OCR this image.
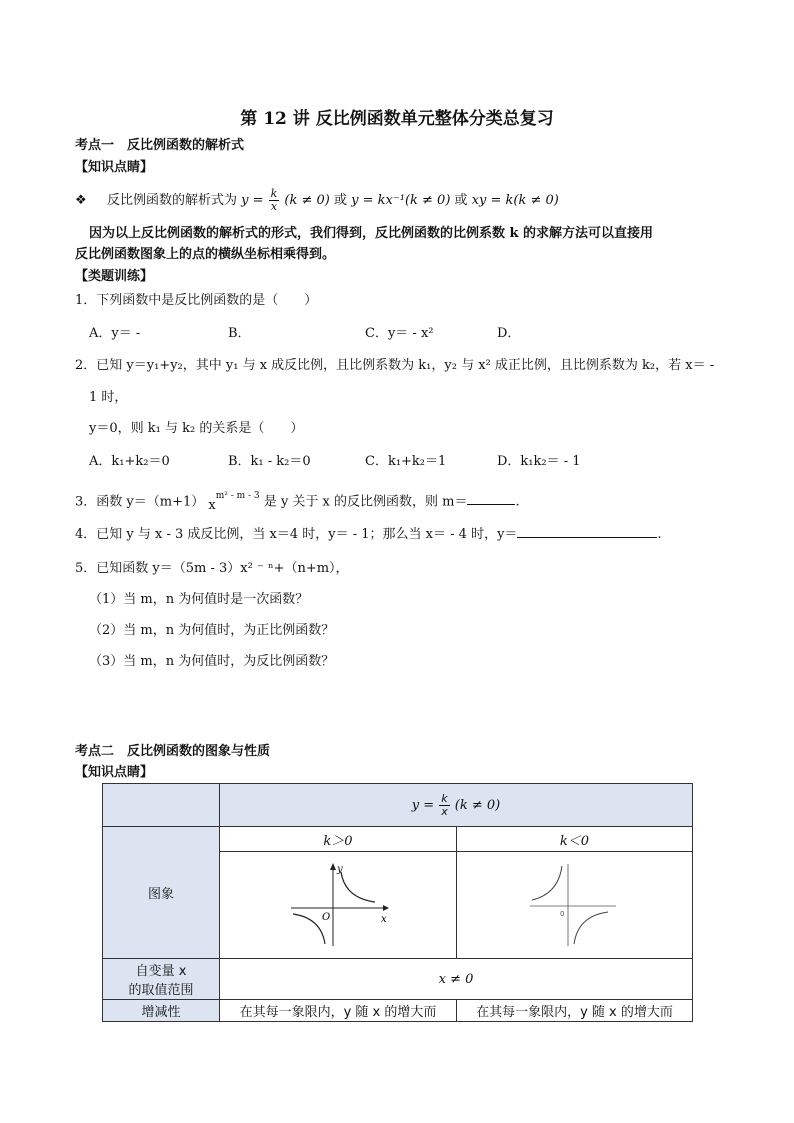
第 12 讲 反比例函数单元整体分类总复习
考点一　反比例函数的解析式
【知识点睛】
❖ 反比例函数的解析式为 $y = \frac{k}{x} (k \ne 0)$ 或 y = kx⁻¹(k ≠ 0) 或 xy = k(k ≠ 0)
因为以上反比例函数的解析式的形式，我们得到，反比例函数的比例系数 k 的求解方法可以直接用
反比例函数图象上的点的横纵坐标相乘得到。
【类题训练】
1．下列函数中是反比例函数的是（　　）
A．y＝ -	B．	C．y＝ - x²	D．
2．已知 y＝y₁+y₂，其中 y₁ 与 x 成反比例，且比例系数为 k₁，y₂ 与 x² 成正比例，且比例系数为 k₂，若 x＝ -
1 时，
y＝0，则 k₁ 与 k₂ 的关系是（　　）
A．k₁+k₂＝0	B．k₁ - k₂＝0	C．k₁+k₂＝1	D．k₁k₂＝ - 1
3．函数 y＝（m+1） $x^{m^2 - m - 3}$ 是 y 关于 x 的反比例函数，则 m＝	.
4．已知 y 与 x - 3 成反比例，当 x＝4 时，y＝ - 1；那么当 x＝ - 4 时，y＝	.
5．已知函数 y＝（5m - 3）x² ⁻ ⁿ+（n+m），
（1）当 m，n 为何值时是一次函数？
（2）当 m，n 为何值时，为正比例函数？
（3）当 m，n 为何值时，为反比例函数？
考点二　反比例函数的图象与性质
【知识点睛】
	$y = \frac{k}{x} (k \ne 0)$	
图象	k＞0	k＜0

y
x
O	0

自变量 x
的取值范围	x ≠ 0	
增减性	在其每一象限内，y 随 x 的增大而	在其每一象限内，y 随 x 的增大而
